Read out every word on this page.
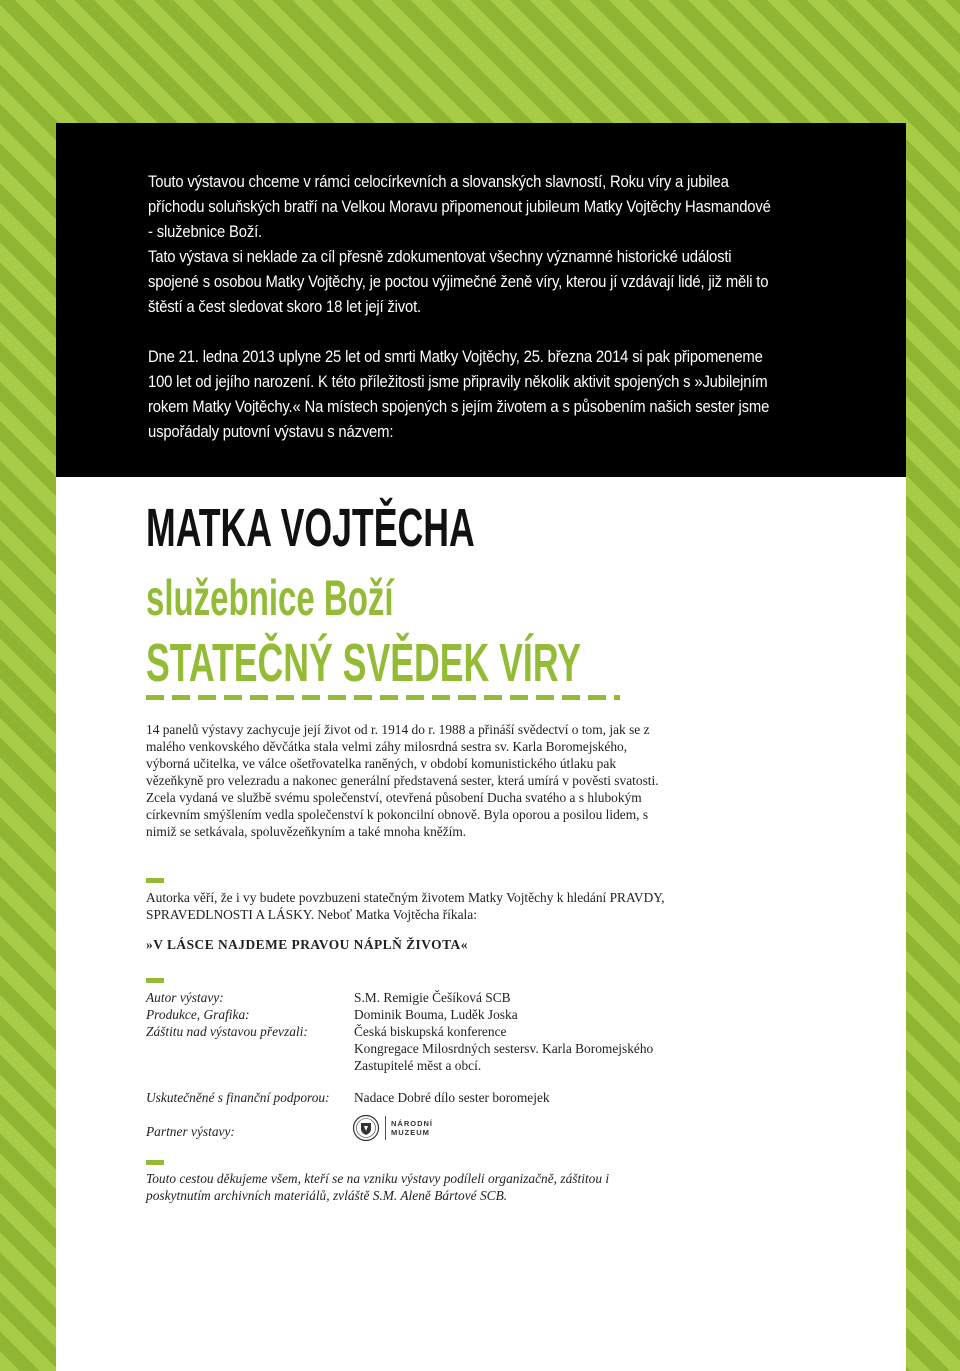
Touto výstavou chceme v rámci celocírkevních a slovanských slavností, Roku víry a jubilea příchodu soluňských bratří na Velkou Moravu připomenout jubileum Matky Vojtěchy Hasmandové - služebnice Boží.

Tato výstava si neklade za cíl přesně zdokumentovat všechny významné historické události spojené s osobou Matky Vojtěchy, je poctou výjimečné ženě víry, kterou jí vzdávají lidé, již měli to štěstí a čest sledovat skoro 18 let její život.

Dne 21. ledna 2013 uplyne 25 let od smrti Matky Vojtěchy, 25. března 2014 si pak připomeneme 100 let od jejího narození. K této příležitosti jsme připravily několik aktivit spojených s »Jubilejním rokem Matky Vojtěchy.« Na místech spojených s jejím životem a s působením našich sester jsme uspořádaly putovní výstavu s názvem:

MATKA VOJTĚCHA
služebnice Boží
STATEČNÝ SVĚDEK VÍRY

14 panelů výstavy zachycuje její život od r. 1914 do r. 1988 a přináší svědectví o tom, jak se z malého venkovského děvčátka stala velmi záhy milosrdná sestra sv. Karla Boromejského, výborná učitelka, ve válce ošetřovatelka raněných, v období komunistického útlaku pak vězeňkyně pro velezradu a nakonec generální představená sester, která umírá v pověsti svatosti. Zcela vydaná ve službě svému společenství, otevřená působení Ducha svatého a s hlubokým církevním smýšlením vedla společenství k pokoncilní obnově. Byla oporou a posilou lidem, s nimiž se setkávala, spoluvězeňkyním a také mnoha kněžím.

Autorka věří, že i vy budete povzbuzeni statečným životem Matky Vojtěchy k hledání PRAVDY, SPRAVEDLNOSTI A LÁSKY. Neboť Matka Vojtěcha říkala:

»V LÁSCE NAJDEME PRAVOU NÁPLŇ ŽIVOTA«

Autor výstavy:	S.M. Remigie Češíková SCB

Produkce, Grafika:	Dominik Bouma, Luděk Joska

Záštitu nad výstavou převzali:	Česká biskupská konference

Kongregace Milosrdných sestersv. Karla Boromejského

Zastupitelé měst a obcí.

Uskutečněné s finanční podporou: Nadace Dobré dílo sester boromejek

Partner výstavy:

NÁRODNÍ
MUZEUM

Touto cestou děkujeme všem, kteří se na vzniku výstavy podíleli organizačně, záštitou i poskytnutím archivních materiálů, zvláště S.M. Aleně Bártové SCB.
